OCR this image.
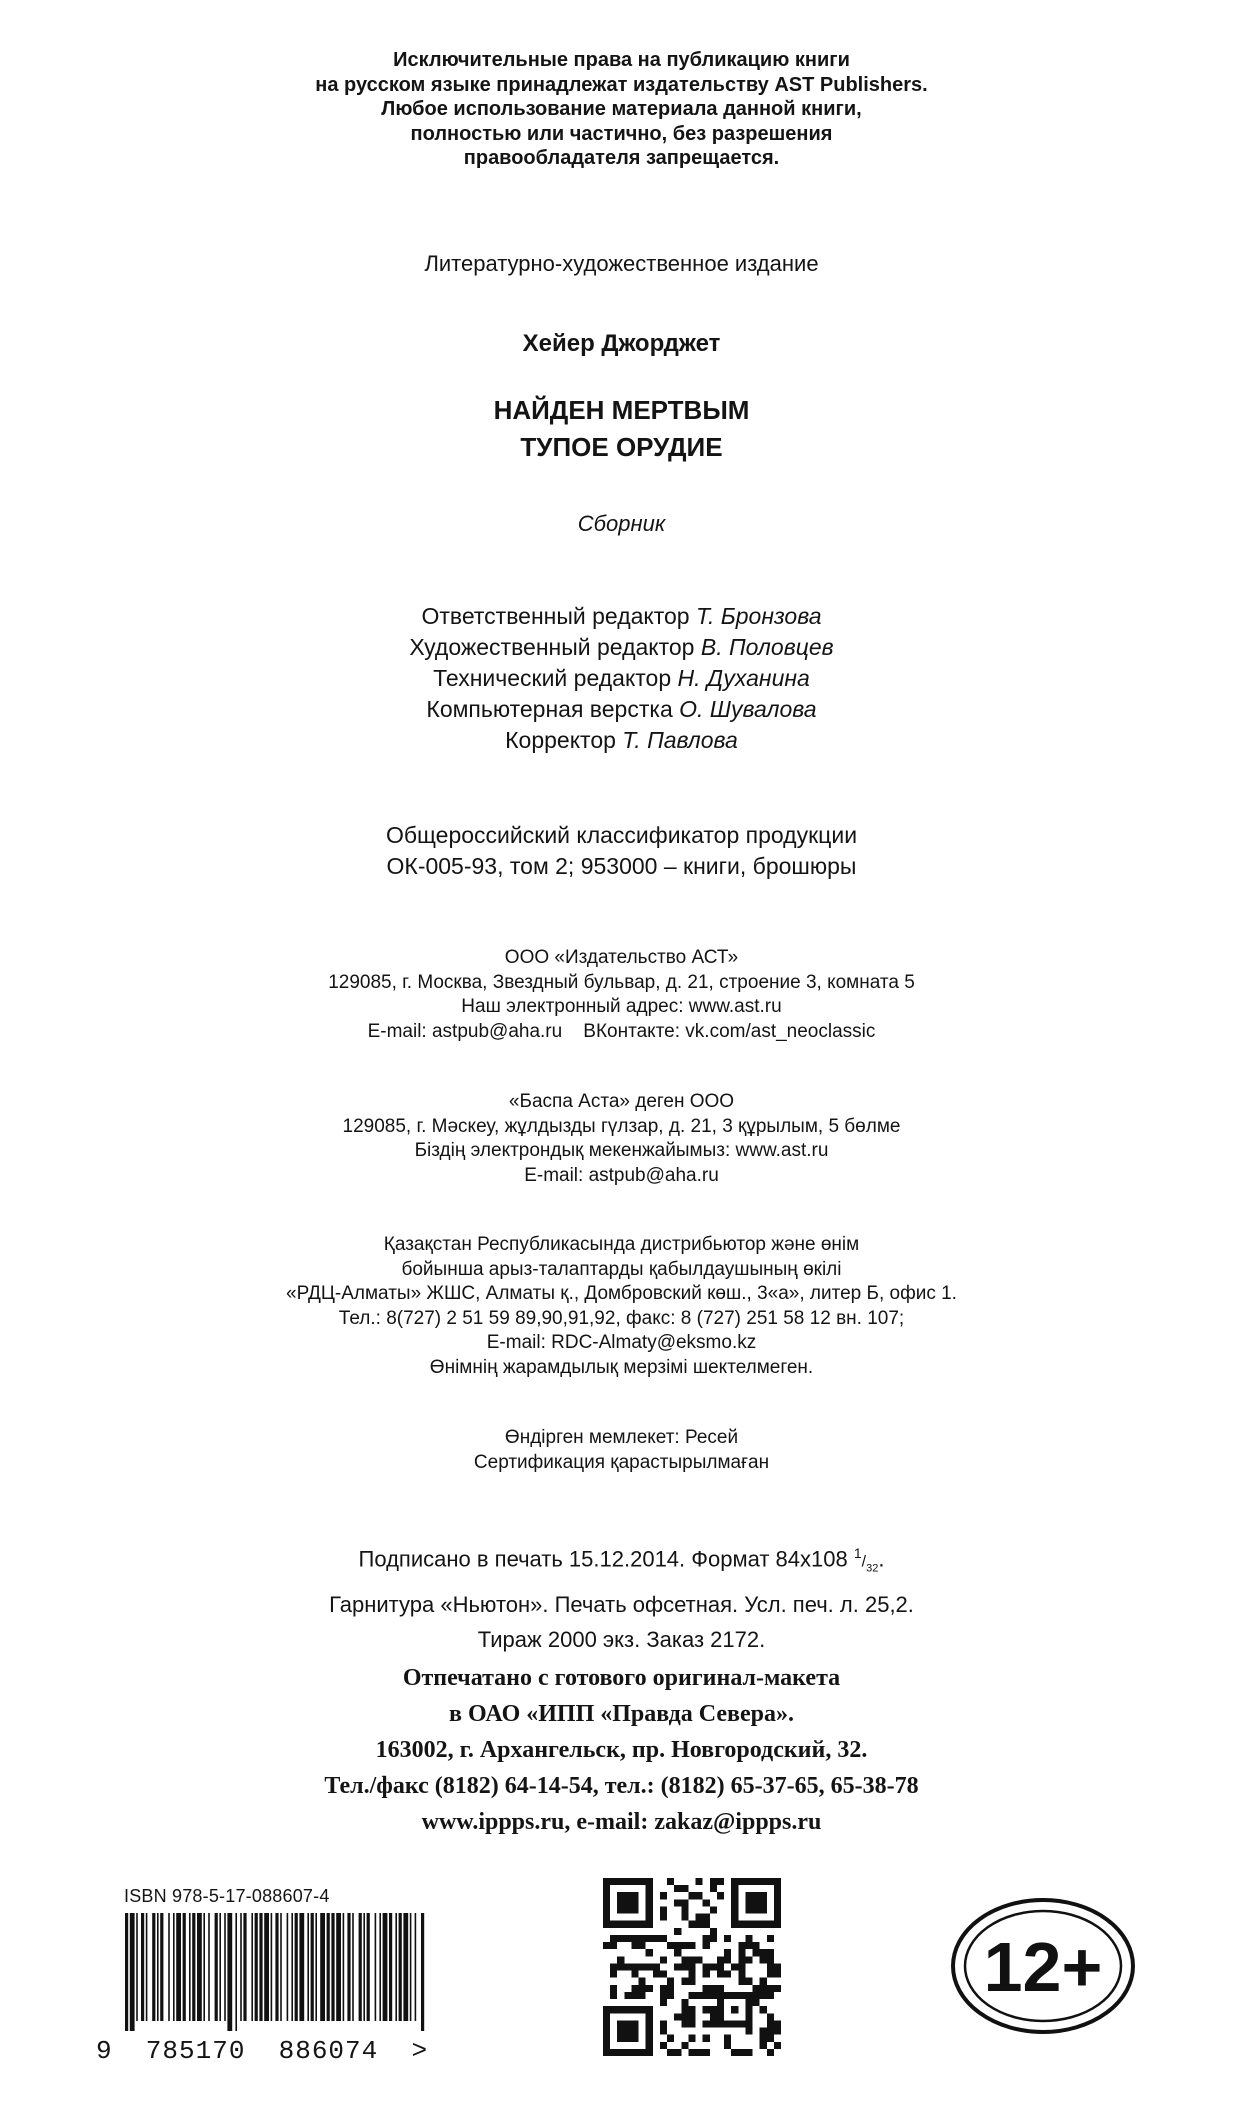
Исключительные права на публикацию книги
на русском языке принадлежат издательству AST Publishers.
Любое использование материала данной книги,
полностью или частично, без разрешения
правообладателя запрещается.
Литературно-художественное издание
Хейер Джорджет
НАЙДЕН МЕРТВЫМ
ТУПОЕ ОРУДИЕ
Сборник
Ответственный редактор Т. Бронзова
Художественный редактор В. Половцев
Технический редактор Н. Духанина
Компьютерная верстка О. Шувалова
Корректор Т. Павлова
Общероссийский классификатор продукции
ОК-005-93, том 2; 953000 – книги, брошюры
ООО «Издательство АСТ»
129085, г. Москва, Звездный бульвар, д. 21, строение 3, комната 5
Наш электронный адрес: www.ast.ru
E-mail: astpub@aha.ru    ВКонтакте: vk.com/ast_neoclassic
«Баспа Аста» деген ООО
129085, г. Мәскеу, жұлдызды гүлзар, д. 21, 3 құрылым, 5 бөлме
Біздің электрондық мекенжайымыз: www.ast.ru
E-mail: astpub@aha.ru
Қазақстан Республикасында дистрибьютор және өнім
бойынша арыз-талаптарды қабылдаушының өкілі
«РДЦ-Алматы» ЖШС, Алматы қ., Домбровский көш., 3«а», литер Б, офис 1.
Тел.: 8(727) 2 51 59 89,90,91,92, факс: 8 (727) 251 58 12 вн. 107;
E-mail: RDC-Almaty@eksmo.kz
Өнімнің жарамдылық мерзімі шектелмеген.
Өндірген мемлекет: Ресей
Сертификация қарастырылмаған
Подписано в печать 15.12.2014. Формат 84х108 $^1/_{32}$.
Гарнитура «Ньютон». Печать офсетная. Усл. печ. л. 25,2.
Тираж 2000 экз. Заказ 2172.
Отпечатано с готового оригинал-макета
в ОАО «ИПП «Правда Севера».
163002, г. Архангельск, пр. Новгородский, 32.
Тел./факс (8182) 64-14-54, тел.: (8182) 65-37-65, 65-38-78
www.ippps.ru, e-mail: zakaz@ippps.ru
ISBN 978-5-17-088607-4
9  785170  886074  >
12+
